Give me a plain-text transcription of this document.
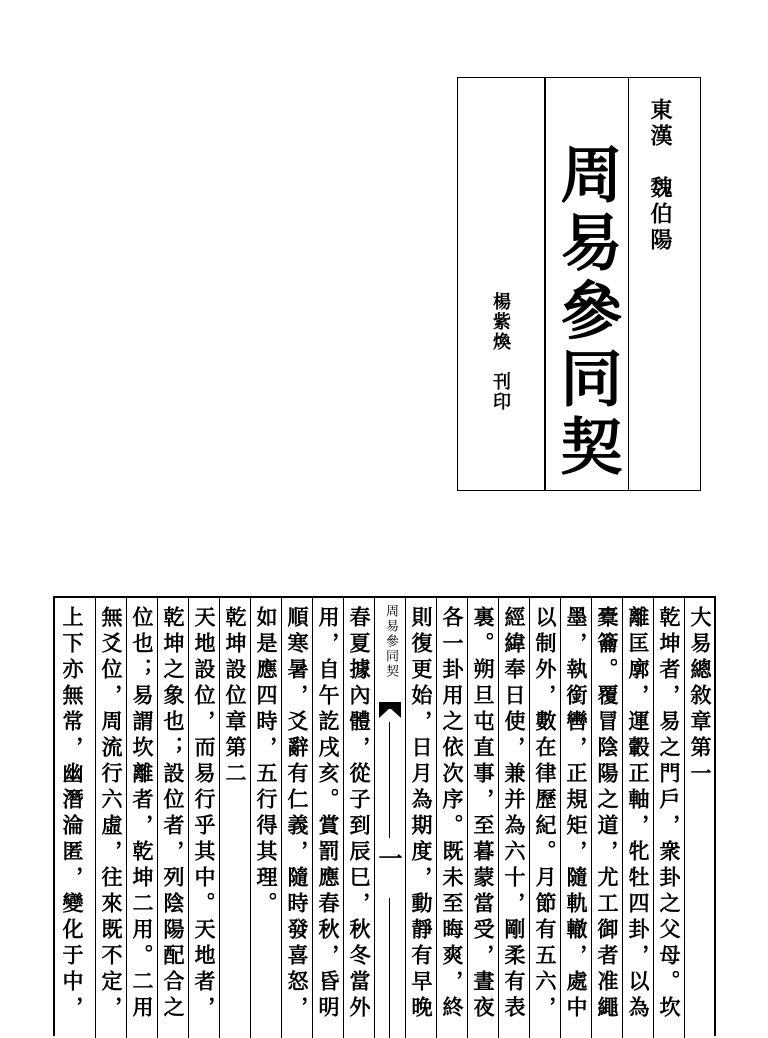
東漢　魏伯陽
周易參同契
楊紫煥　刊印
大易總敘章第一
乾坤者，易之門戶，衆卦之父母。坎
離匡廓，運轂正軸，牝牡四卦，以為
橐籥。覆冒陰陽之道，尤工御者准繩
墨，執銜轡，正規矩，隨軌轍，處中
以制外，數在律歷紀。月節有五六，
經緯奉日使，兼并為六十，剛柔有表
裏。朔旦屯直事，至暮蒙當受，晝夜
各一卦用之依次序。既未至晦爽，終
則復更始，日月為期度，動靜有早晚
周易參同契
一
春夏據內體，從子到辰巳，秋冬當外
用，自午訖戌亥。賞罰應春秋，昏明
順寒暑，爻辭有仁義，隨時發喜怒，
如是應四時，五行得其理。
乾坤設位章第二
天地設位，而易行乎其中。天地者，
乾坤之象也；設位者，列陰陽配合之
位也；易謂坎離者，乾坤二用。二用
無爻位，周流行六虛，往來既不定，
上下亦無常，幽潛淪匿，變化于中，
